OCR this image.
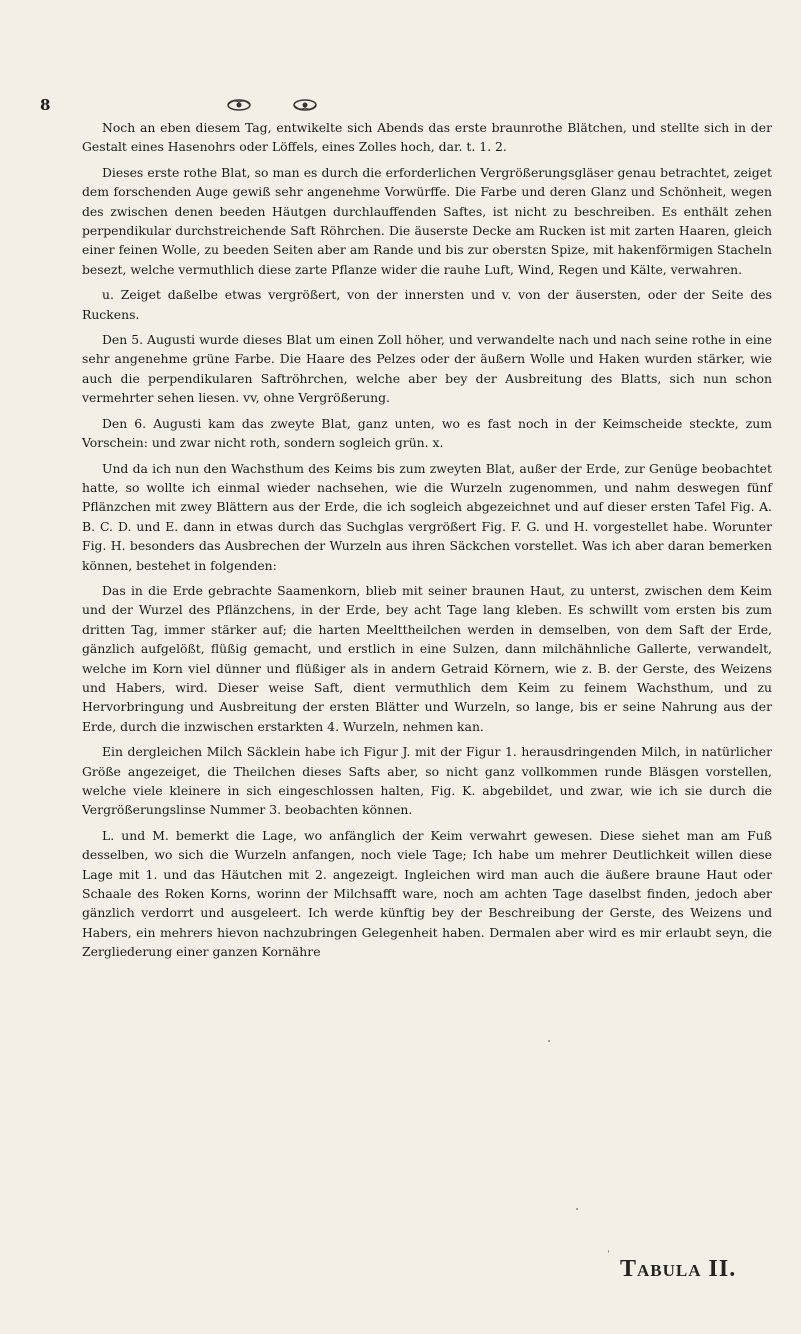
8

Noch an eben diesem Tag, entwikelte sich Abends das erste braunrothe Blätchen, und stellte sich in der Gestalt eines Hasenohrs oder Löffels, eines Zolles hoch, dar. t. 1. 2.

Dieses erste rothe Blat, so man es durch die erforderlichen Vergrößerungsgläser genau betrachtet, zeiget dem forschenden Auge gewiß sehr angenehme Vorwürffe. Die Farbe und deren Glanz und Schönheit, wegen des zwischen denen beeden Häutgen durchlauffenden Saftes, ist nicht zu beschreiben. Es enthält zehen perpendikular durchstreichende Saft Röhrchen. Die äuserste Decke am Rucken ist mit zarten Haaren, gleich einer feinen Wolle, zu beeden Seiten aber am Rande und bis zur oberstεn Spize, mit hakenförmigen Stacheln besezt, welche vermuthlich diese zarte Pflanze wider die rauhe Luft, Wind, Regen und Kälte, verwahren.

u. Zeiget daßelbe etwas vergrößert, von der innersten und v. von der äusersten, oder der Seite des Ruckens.

Den 5. Augusti wurde dieses Blat um einen Zoll höher, und verwandelte nach und nach seine rothe in eine sehr angenehme grüne Farbe. Die Haare des Pelzes oder der äußern Wolle und Haken wurden stärker, wie auch die perpendikularen Saftröhrchen, welche aber bey der Ausbreitung des Blatts, sich nun schon vermehrter sehen liesen. vv, ohne Vergrößerung.

Den 6. Augusti kam das zweyte Blat, ganz unten, wo es fast noch in der Keimscheide steckte, zum Vorschein: und zwar nicht roth, sondern sogleich grün. x.

Und da ich nun den Wachsthum des Keims bis zum zweyten Blat, außer der Erde, zur Genüge beobachtet hatte, so wollte ich einmal wieder nachsehen, wie die Wurzeln zugenommen, und nahm deswegen fünf Pflänzchen mit zwey Blättern aus der Erde, die ich sogleich abgezeichnet und auf dieser ersten Tafel Fig. A. B. C. D. und E. dann in etwas durch das Suchglas vergrößert Fig. F. G. und H. vorgestellet habe. Worunter Fig. H. besonders das Ausbrechen der Wurzeln aus ihren Säckchen vorstellet. Was ich aber daran bemerken können, bestehet in folgenden:

Das in die Erde gebrachte Saamenkorn, blieb mit seiner braunen Haut, zu unterst, zwischen dem Keim und der Wurzel des Pflänzchens, in der Erde, bey acht Tage lang kleben. Es schwillt vom ersten bis zum dritten Tag, immer stärker auf; die harten Meelttheilchen werden in demselben, von dem Saft der Erde, gänzlich aufgelößt, flüßig gemacht, und erstlich in eine Sulzen, dann milchähnliche Gallerte, verwandelt, welche im Korn viel dünner und flüßiger als in andern Getraid Körnern, wie z. B. der Gerste, des Weizens und Habers, wird. Dieser weise Saft, dient vermuthlich dem Keim zu feinem Wachsthum, und zu Hervorbringung und Ausbreitung der ersten Blätter und Wurzeln, so lange, bis er seine Nahrung aus der Erde, durch die inzwischen erstarkten 4. Wurzeln, nehmen kan.

Ein dergleichen Milch Säcklein habe ich Figur J. mit der Figur 1. herausdringenden Milch, in natürlicher Größe angezeiget, die Theilchen dieses Safts aber, so nicht ganz vollkommen runde Bläsgen vorstellen, welche viele kleinere in sich eingeschlossen halten, Fig. K. abgebildet, und zwar, wie ich sie durch die Vergrößerungslinse Nummer 3. beobachten können.

L. und M. bemerkt die Lage, wo anfänglich der Keim verwahrt gewesen. Diese siehet man am Fuß desselben, wo sich die Wurzeln anfangen, noch viele Tage; Ich habe um mehrer Deutlichkeit willen diese Lage mit 1. und das Häutchen mit 2. angezeigt. Ingleichen wird man auch die äußere braune Haut oder Schaale des Roken Korns, worinn der Milchsafft ware, noch am achten Tage daselbst finden, jedoch aber gänzlich verdorrt und ausgeleert. Ich werde künftig bey der Beschreibung der Gerste, des Weizens und Habers, ein mehrers hievon nachzubringen Gelegenheit haben. Dermalen aber wird es mir erlaubt seyn, die Zergliederung einer ganzen Kornähre

Tabula II.
